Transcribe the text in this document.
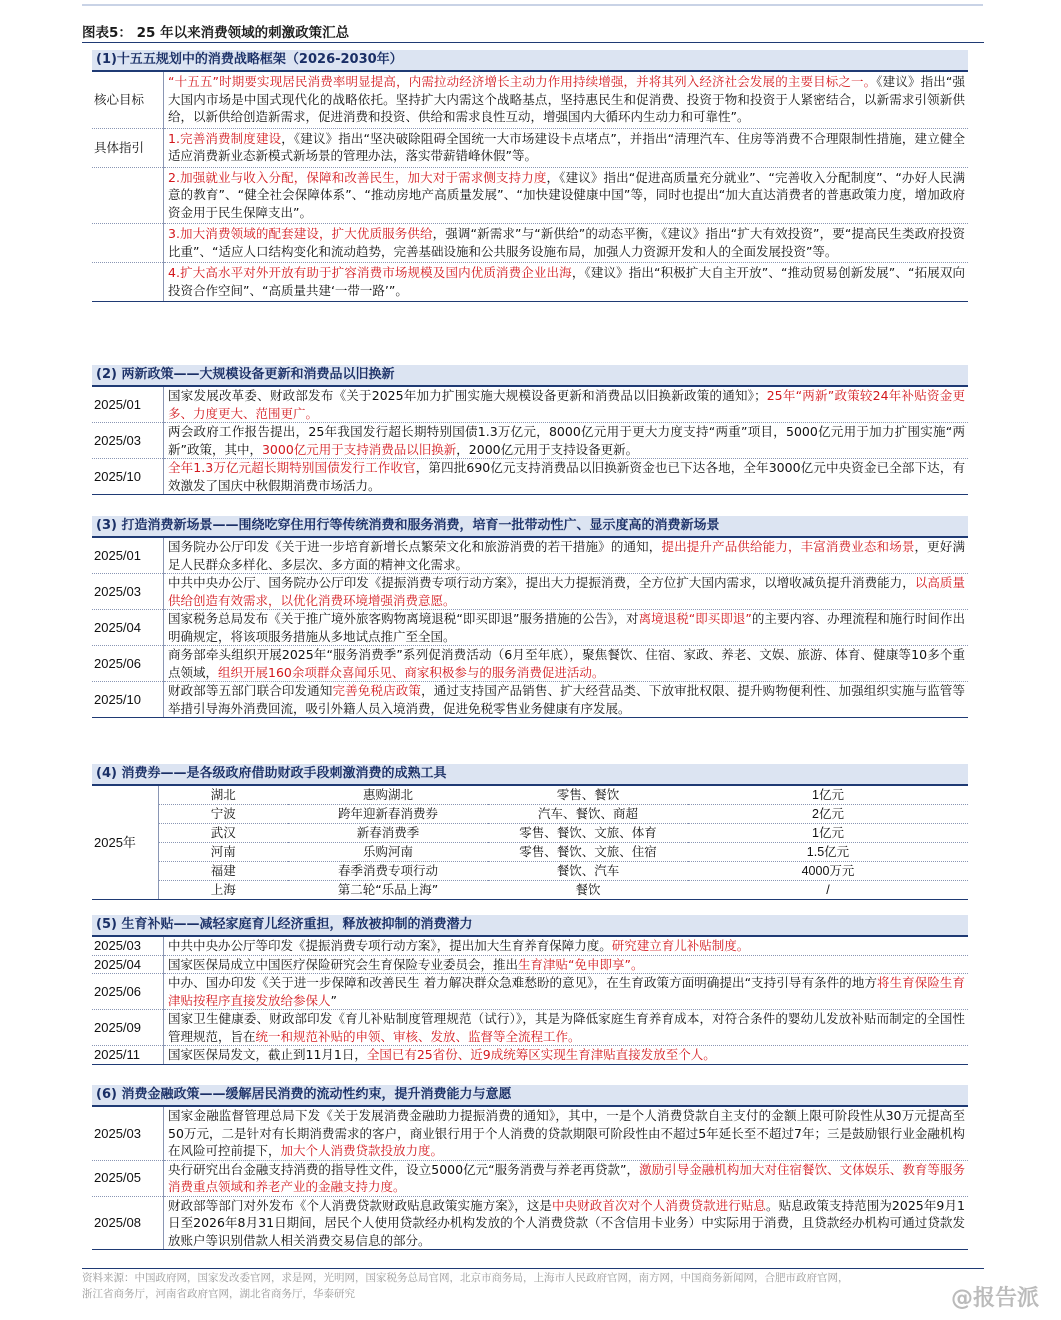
图表5： 25 年以来消费领域的刺激政策汇总
(1)十五五规划中的消费战略框架（2026-2030年）
核心目标	“十五五”时期要实现居民消费率明显提高，内需拉动经济增长主动力作用持续增强，并将其列入经济社会发展的主要目标之一。《建议》指出“强大国内市场是中国式现代化的战略依托。坚持扩大内需这个战略基点，坚持惠民生和促消费、投资于物和投资于人紧密结合，以新需求引领新供给，以新供给创造新需求，促进消费和投资、供给和需求良性互动，增强国内大循环内生动力和可靠性”。
具体指引	1.完善消费制度建设，《建议》指出“坚决破除阻碍全国统一大市场建设卡点堵点”，并指出“清理汽车、住房等消费不合理限制性措施，建立健全适应消费新业态新模式新场景的管理办法，落实带薪错峰休假”等。
	2.加强就业与收入分配，保障和改善民生，加大对于需求侧支持力度，《建议》指出“促进高质量充分就业”、“完善收入分配制度”、“办好人民满意的教育”、“健全社会保障体系”、“推动房地产高质量发展”、“加快建设健康中国”等，同时也提出“加大直达消费者的普惠政策力度，增加政府资金用于民生保障支出”。
	3.加大消费领域的配套建设，扩大优质服务供给，强调“新需求”与“新供给”的动态平衡，《建议》指出“扩大有效投资”，要“提高民生类政府投资比重”、“适应人口结构变化和流动趋势，完善基础设施和公共服务设施布局，加强人力资源开发和人的全面发展投资”等。
	4.扩大高水平对外开放有助于扩容消费市场规模及国内优质消费企业出海，《建议》指出“积极扩大自主开放”、“推动贸易创新发展”、“拓展双向投资合作空间”、“高质量共建‘一带一路’”。
(2) 两新政策——大规模设备更新和消费品以旧换新
2025/01	国家发展改革委、财政部发布《关于2025年加力扩围实施大规模设备更新和消费品以旧换新政策的通知》；25年“两新”政策较24年补贴资金更多、力度更大、范围更广。
2025/03	两会政府工作报告提出，25年我国发行超长期特别国债1.3万亿元，8000亿元用于更大力度支持“两重”项目，5000亿元用于加力扩围实施“两新”政策，其中，3000亿元用于支持消费品以旧换新，2000亿元用于支持设备更新。
2025/10	全年1.3万亿元超长期特别国债发行工作收官，第四批690亿元支持消费品以旧换新资金也已下达各地，全年3000亿元中央资金已全部下达，有效激发了国庆中秋假期消费市场活力。
(3) 打造消费新场景——围绕吃穿住用行等传统消费和服务消费，培育一批带动性广、显示度高的消费新场景
2025/01	国务院办公厅印发《关于进一步培育新增长点繁荣文化和旅游消费的若干措施》的通知，提出提升产品供给能力，丰富消费业态和场景，更好满足人民群众多样化、多层次、多方面的精神文化需求。
2025/03	中共中央办公厅、国务院办公厅印发《提振消费专项行动方案》，提出大力提振消费，全方位扩大国内需求，以增收减负提升消费能力，以高质量供给创造有效需求，以优化消费环境增强消费意愿。
2025/04	国家税务总局发布《关于推广境外旅客购物离境退税“即买即退”服务措施的公告》，对离境退税“即买即退”的主要内容、办理流程和施行时间作出明确规定，将该项服务措施从多地试点推广至全国。
2025/06	商务部牵头组织开展2025年“服务消费季”系列促消费活动（6月至年底），聚焦餐饮、住宿、家政、养老、文娱、旅游、体育、健康等10多个重点领域，组织开展160余项群众喜闻乐见、商家积极参与的服务消费促进活动。
2025/10	财政部等五部门联合印发通知完善免税店政策，通过支持国产品销售、扩大经营品类、下放审批权限、提升购物便利性、加强组织实施与监管等举措引导海外消费回流，吸引外籍人员入境消费，促进免税零售业务健康有序发展。
(4) 消费券——是各级政府借助财政手段刺激消费的成熟工具
2025年	湖北	惠购湖北	零售、餐饮	1亿元
	宁波	跨年迎新春消费券	汽车、餐饮、商超	2亿元
	武汉	新春消费季	零售、餐饮、文旅、体育	1亿元
	河南	乐购河南	零售、餐饮、文旅、住宿	1.5亿元
	福建	春季消费专项行动	餐饮、汽车	4000万元
	上海	第二轮“乐品上海”	餐饮	/
(5) 生育补贴——减轻家庭育儿经济重担，释放被抑制的消费潜力
2025/03	中共中央办公厅等印发《提振消费专项行动方案》，提出加大生育养育保障力度。研究建立育儿补贴制度。
2025/04	国家医保局成立中国医疗保险研究会生育保险专业委员会，推出生育津贴“免申即享”。
2025/06	中办、国办印发《关于进一步保障和改善民生 着力解决群众急难愁盼的意见》，在生育政策方面明确提出“支持引导有条件的地方将生育保险生育津贴按程序直接发放给参保人”
2025/09	国家卫生健康委、财政部印发《育儿补贴制度管理规范（试行）》，其是为降低家庭生育养育成本，对符合条件的婴幼儿发放补贴而制定的全国性管理规范，旨在统一和规范补贴的申领、审核、发放、监督等全流程工作。
2025/11	国家医保局发文，截止到11月1日，全国已有25省份、近9成统筹区实现生育津贴直接发放至个人。
(6) 消费金融政策——缓解居民消费的流动性约束，提升消费能力与意愿
2025/03	国家金融监督管理总局下发《关于发展消费金融助力提振消费的通知》，其中，一是个人消费贷款自主支付的金额上限可阶段性从30万元提高至50万元，二是针对有长期消费需求的客户，商业银行用于个人消费的贷款期限可阶段性由不超过5年延长至不超过7年；三是鼓励银行业金融机构在风险可控前提下，加大个人消费贷款投放力度。
2025/05	央行研究出台金融支持消费的指导性文件，设立5000亿元“服务消费与养老再贷款”，激励引导金融机构加大对住宿餐饮、文体娱乐、教育等服务消费重点领域和养老产业的金融支持力度。
2025/08	财政部等部门对外发布《个人消费贷款财政贴息政策实施方案》，这是中央财政首次对个人消费贷款进行贴息。贴息政策支持范围为2025年9月1日至2026年8月31日期间，居民个人使用贷款经办机构发放的个人消费贷款（不含信用卡业务）中实际用于消费，且贷款经办机构可通过贷款发放账户等识别借款人相关消费交易信息的部分。
资料来源：中国政府网，国家发改委官网，求是网，光明网，国家税务总局官网，北京市商务局，上海市人民政府官网，南方网，中国商务新闻网，合肥市政府官网，
浙江省商务厅，河南省政府官网，湖北省商务厅，华泰研究	@报告派
